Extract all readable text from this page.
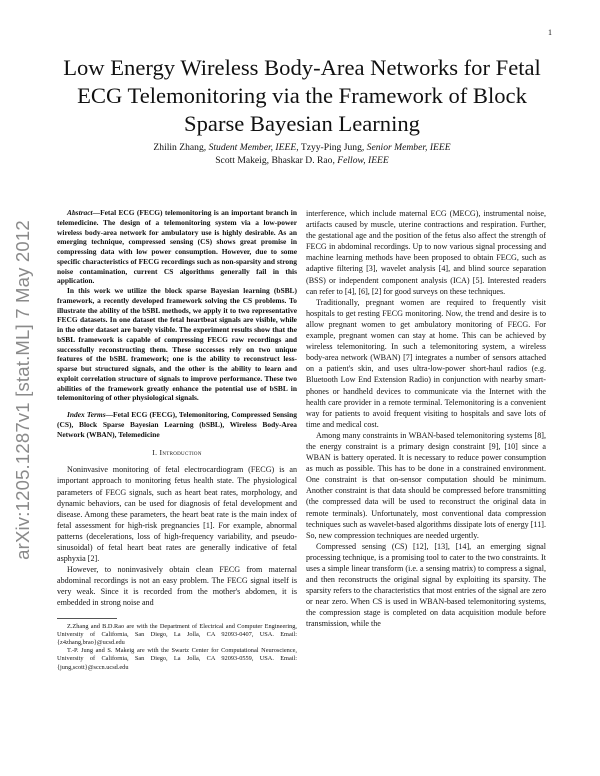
1
arXiv:1205.1287v1 [stat.ML] 7 May 2012
Low Energy Wireless Body-Area Networks for Fetal ECG Telemonitoring via the Framework of Block Sparse Bayesian Learning
Zhilin Zhang, Student Member, IEEE, Tzyy-Ping Jung, Senior Member, IEEE
Scott Makeig, Bhaskar D. Rao, Fellow, IEEE

Abstract—Fetal ECG (FECG) telemonitoring is an important branch in telemedicine. The design of a telemonitoring system via a low-power wireless body-area network for ambulatory use is highly desirable. As an emerging technique, compressed sensing (CS) shows great promise in compressing data with low power consumption. However, due to some specific characteristics of FECG recordings such as non-sparsity and strong noise contamination, current CS algorithms generally fail in this application.

In this work we utilize the block sparse Bayesian learning (bSBL) framework, a recently developed framework solving the CS problems. To illustrate the ability of the bSBL methods, we apply it to two representative FECG datasets. In one dataset the fetal heartbeat signals are visible, while in the other dataset are barely visible. The experiment results show that the bSBL framework is capable of compressing FECG raw recordings and successfully reconstructing them. These successes rely on two unique features of the bSBL framework; one is the ability to reconstruct less-sparse but structured signals, and the other is the ability to learn and exploit correlation structure of signals to improve performance. These two abilities of the framework greatly enhance the potential use of bSBL in telemonitoring of other physiological signals.

Index Terms—Fetal ECG (FECG), Telemonitoring, Compressed Sensing (CS), Block Sparse Bayesian Learning (bSBL), Wireless Body-Area Network (WBAN), Telemedicine

I. Introduction

Noninvasive monitoring of fetal electrocardiogram (FECG) is an important approach to monitoring fetus health state. The physiological parameters of FECG signals, such as heart beat rates, morphology, and dynamic behaviors, can be used for diagnosis of fetal development and disease. Among these parameters, the heart beat rate is the main index of fetal assessment for high-risk pregnancies [1]. For example, abnormal patterns (decelerations, loss of high-frequency variability, and pseudo-sinusoidal) of fetal heart beat rates are generally indicative of fetal asphyxia [2].

However, to noninvasively obtain clean FECG from maternal abdominal recordings is not an easy problem. The FECG signal itself is very weak. Since it is recorded from the mother's abdomen, it is embedded in strong noise and

Z.Zhang and B.D.Rao are with the Department of Electrical and Computer Engineering, University of California, San Diego, La Jolla, CA 92093-0407, USA. Email:{z4zhang,brao}@ucsd.edu

T.-P. Jung and S. Makeig are with the Swartz Center for Computational Neuroscience, University of California, San Diego, La Jolla, CA 92093-0559, USA. Email:{jung,scott}@sccn.ucsd.edu

interference, which include maternal ECG (MECG), instrumental noise, artifacts caused by muscle, uterine contractions and respiration. Further, the gestational age and the position of the fetus also affect the strength of FECG in abdominal recordings. Up to now various signal processing and machine learning methods have been proposed to obtain FECG, such as adaptive filtering [3], wavelet analysis [4], and blind source separation (BSS) or independent component analysis (ICA) [5]. Interested readers can refer to [4], [6], [2] for good surveys on these techniques.

Traditionally, pregnant women are required to frequently visit hospitals to get resting FECG monitoring. Now, the trend and desire is to allow pregnant women to get ambulatory monitoring of FECG. For example, pregnant women can stay at home. This can be achieved by wireless telemonitoring. In such a telemonitoring system, a wireless body-area network (WBAN) [7] integrates a number of sensors attached on a patient's skin, and uses ultra-low-power short-haul radios (e.g. Bluetooth Low End Extension Radio) in conjunction with nearby smart-phones or handheld devices to communicate via the Internet with the health care provider in a remote terminal. Telemonitoring is a convenient way for patients to avoid frequent visiting to hospitals and save lots of time and medical cost.

Among many constraints in WBAN-based telemonitoring systems [8], the energy constraint is a primary design constraint [9], [10] since a WBAN is battery operated. It is necessary to reduce power consumption as much as possible. This has to be done in a constrained environment. One constraint is that on-sensor computation should be minimum. Another constraint is that data should be compressed before transmitting (the compressed data will be used to reconstruct the original data in remote terminals). Unfortunately, most conventional data compression techniques such as wavelet-based algorithms dissipate lots of energy [11]. So, new compression techniques are needed urgently.

Compressed sensing (CS) [12], [13], [14], an emerging signal processing technique, is a promising tool to cater to the two constraints. It uses a simple linear transform (i.e. a sensing matrix) to compress a signal, and then reconstructs the original signal by exploiting its sparsity. The sparsity refers to the characteristics that most entries of the signal are zero or near zero. When CS is used in WBAN-based telemonitoring systems, the compression stage is completed on data acquisition module before transmission, while the
